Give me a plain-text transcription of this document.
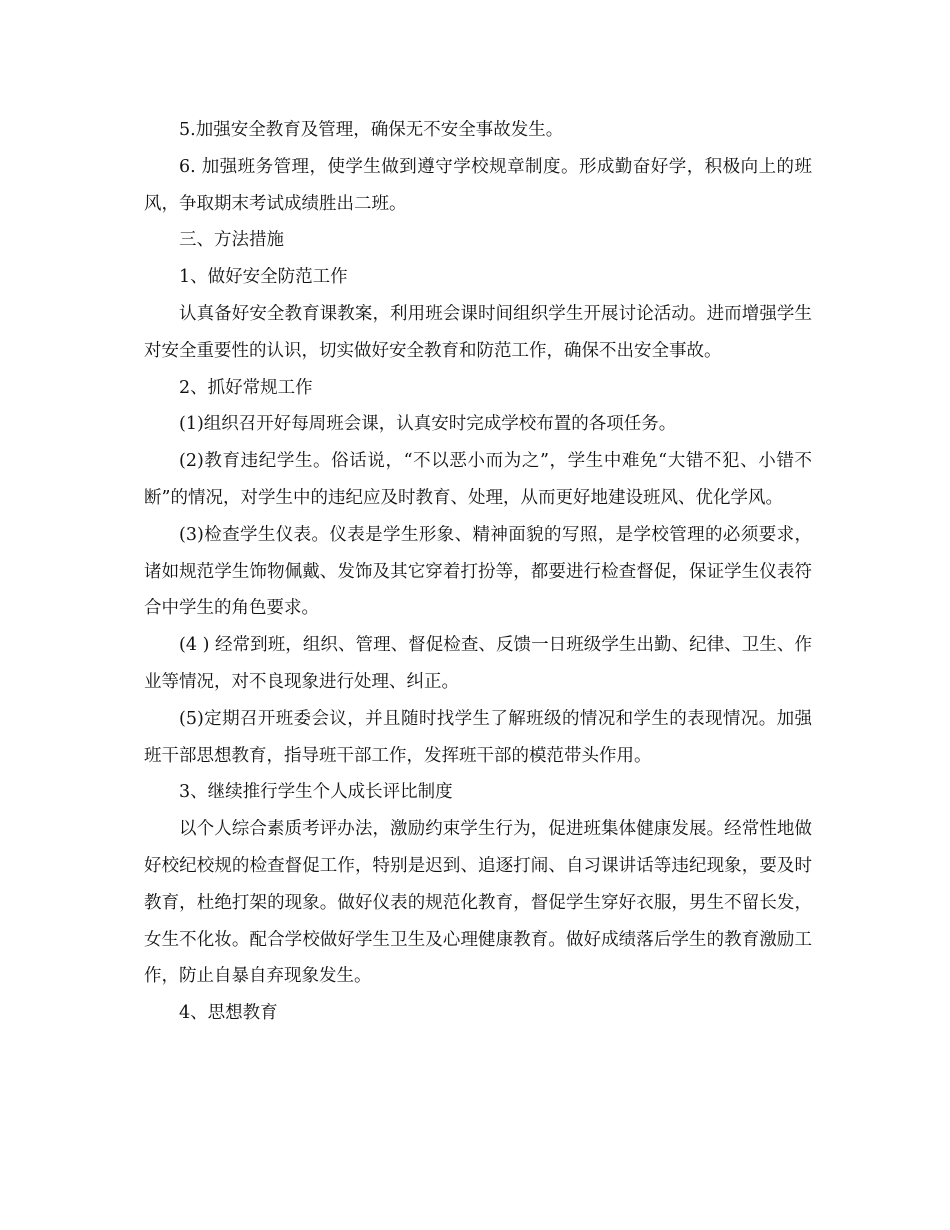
5.加强安全教育及管理，确保无不安全事故发生。

6. 加强班务管理，使学生做到遵守学校规章制度。形成勤奋好学，积极向上的班风，争取期末考试成绩胜出二班。

三、方法措施

1、做好安全防范工作

认真备好安全教育课教案，利用班会课时间组织学生开展讨论活动。进而增强学生对安全重要性的认识，切实做好安全教育和防范工作，确保不出安全事故。

2、抓好常规工作

(1)组织召开好每周班会课，认真安时完成学校布置的各项任务。

(2)教育违纪学生。俗话说，“不以恶小而为之”，学生中难免“大错不犯、小错不断”的情况，对学生中的违纪应及时教育、处理，从而更好地建设班风、优化学风。

(3)检查学生仪表。仪表是学生形象、精神面貌的写照，是学校管理的必须要求，诸如规范学生饰物佩戴、发饰及其它穿着打扮等，都要进行检查督促，保证学生仪表符合中学生的角色要求。

(4 ) 经常到班，组织、管理、督促检查、反馈一日班级学生出勤、纪律、卫生、作业等情况，对不良现象进行处理、纠正。

(5)定期召开班委会议，并且随时找学生了解班级的情况和学生的表现情况。加强班干部思想教育，指导班干部工作，发挥班干部的模范带头作用。

3、继续推行学生个人成长评比制度

以个人综合素质考评办法，激励约束学生行为，促进班集体健康发展。经常性地做好校纪校规的检查督促工作，特别是迟到、追逐打闹、自习课讲话等违纪现象，要及时教育，杜绝打架的现象。做好仪表的规范化教育，督促学生穿好衣服，男生不留长发，女生不化妆。配合学校做好学生卫生及心理健康教育。做好成绩落后学生的教育激励工作，防止自暴自弃现象发生。

4、思想教育
